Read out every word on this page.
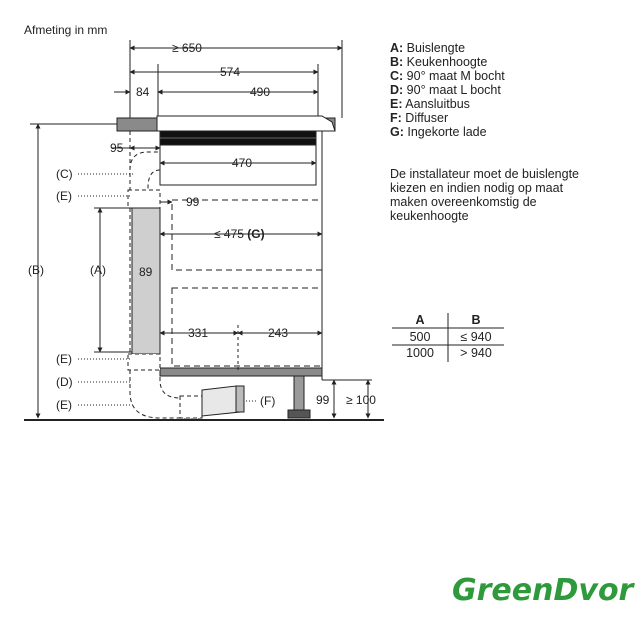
Afmeting in mm
≥ 650
574
84	490
95
470
99
≤ 475 (G)
89
331	243
99 ≥ 100
(A)
(B)
(C)
(E)
(E)
(D)
(E)	(F)
A: Buislengte
B: Keukenhoogte
C: 90° maat M bocht
D: 90° maat L bocht
E: Aansluitbus
F: Diffuser
G: Ingekorte lade
De installateur moet de buislengte
kiezen en indien nodig op maat
maken overeenkomstig de
keukenhoogte
A	B
500 ≤ 940
1000 > 940
GreenDvor
